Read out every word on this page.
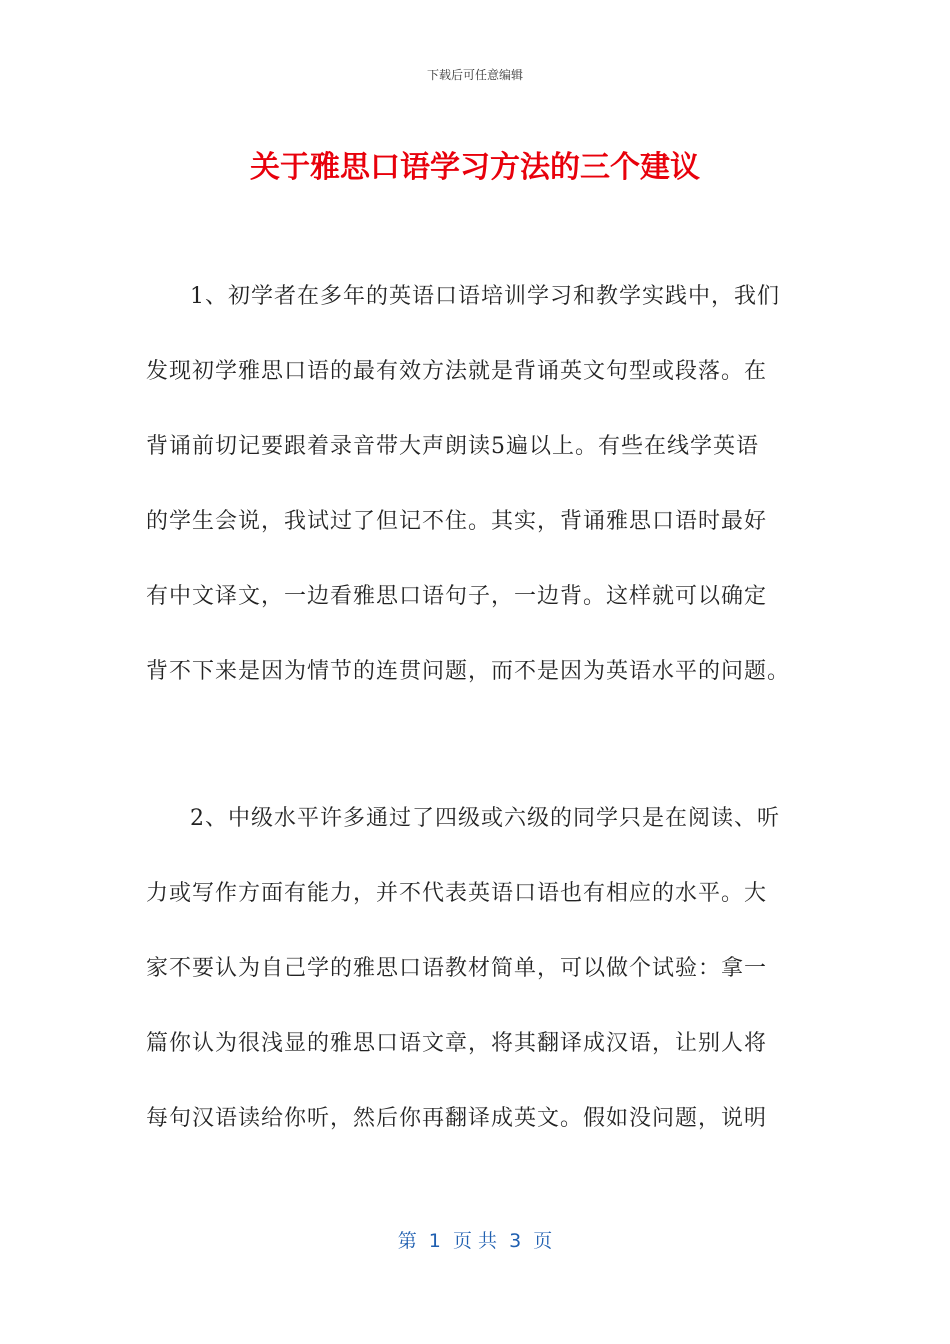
下载后可任意编辑
关于雅思口语学习方法的三个建议
1、初学者在多年的英语口语培训学习和教学实践中，我们
发现初学雅思口语的最有效方法就是背诵英文句型或段落。在
背诵前切记要跟着录音带大声朗读5遍以上。有些在线学英语
的学生会说，我试过了但记不住。其实，背诵雅思口语时最好
有中文译文，一边看雅思口语句子，一边背。这样就可以确定
背不下来是因为情节的连贯问题，而不是因为英语水平的问题。
2、中级水平许多通过了四级或六级的同学只是在阅读、听
力或写作方面有能力，并不代表英语口语也有相应的水平。大
家不要认为自己学的雅思口语教材简单，可以做个试验：拿一
篇你认为很浅显的雅思口语文章，将其翻译成汉语，让别人将
每句汉语读给你听，然后你再翻译成英文。假如没问题，说明
第  1  页 共  3  页
